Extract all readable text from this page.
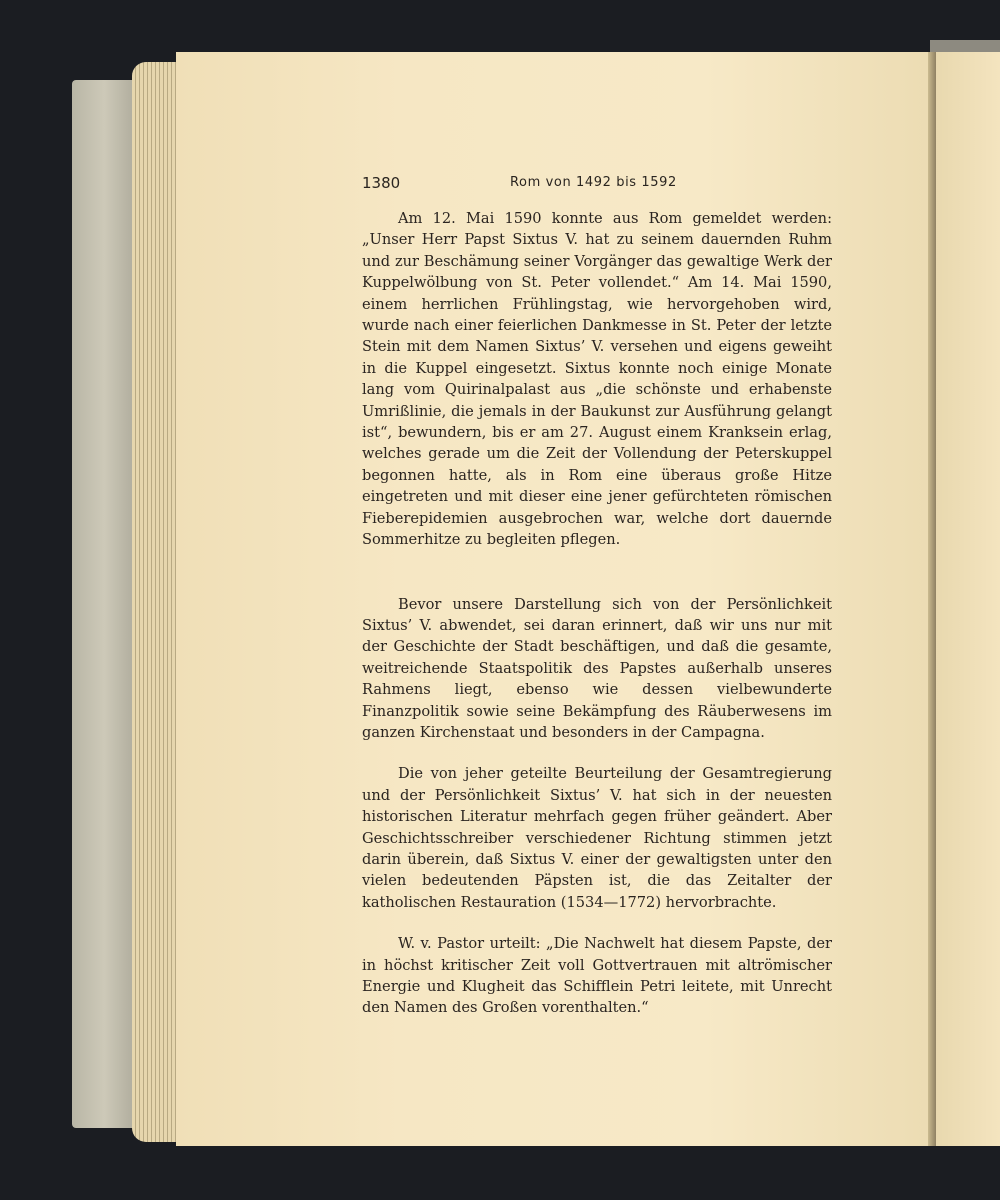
1380	Rom von 1492 bis 1592

Am 12. Mai 1590 konnte aus Rom gemeldet werden: „Unser Herr Papst Sixtus V. hat zu seinem dauernden Ruhm und zur Beschämung seiner Vorgänger das gewaltige Werk der Kuppelwölbung von St. Peter vollendet.“ Am 14. Mai 1590, einem herrlichen Frühlingstag, wie hervorgehoben wird, wurde nach einer feierlichen Dankmesse in St. Peter der letzte Stein mit dem Namen Sixtus’ V. versehen und eigens geweiht in die Kuppel eingesetzt. Sixtus konnte noch einige Monate lang vom Quirinalpalast aus „die schönste und erhabenste Umrißlinie, die jemals in der Baukunst zur Ausführung gelangt ist“, bewundern, bis er am 27. August einem Kranksein erlag, welches gerade um die Zeit der Vollendung der Peterskuppel begonnen hatte, als in Rom eine überaus große Hitze eingetreten und mit dieser eine jener gefürchteten römischen Fieberepidemien ausgebrochen war, welche dort dauernde Sommerhitze zu begleiten pflegen.

Bevor unsere Darstellung sich von der Persönlichkeit Sixtus’ V. abwendet, sei daran erinnert, daß wir uns nur mit der Geschichte der Stadt beschäftigen, und daß die gesamte, weitreichende Staatspolitik des Papstes außerhalb unseres Rahmens liegt, ebenso wie dessen vielbewunderte Finanzpolitik sowie seine Bekämpfung des Räuberwesens im ganzen Kirchenstaat und besonders in der Campagna.

Die von jeher geteilte Beurteilung der Gesamtregierung und der Persönlichkeit Sixtus’ V. hat sich in der neuesten historischen Literatur mehrfach gegen früher geändert. Aber Geschichtsschreiber verschiedener Richtung stimmen jetzt darin überein, daß Sixtus V. einer der gewaltigsten unter den vielen bedeutenden Päpsten ist, die das Zeitalter der katholischen Restauration (1534—1772) hervorbrachte.

W. v. Pastor urteilt: „Die Nachwelt hat diesem Papste, der in höchst kritischer Zeit voll Gottvertrauen mit altrömischer Energie und Klugheit das Schifflein Petri leitete, mit Unrecht den Namen des Großen vorenthalten.“
